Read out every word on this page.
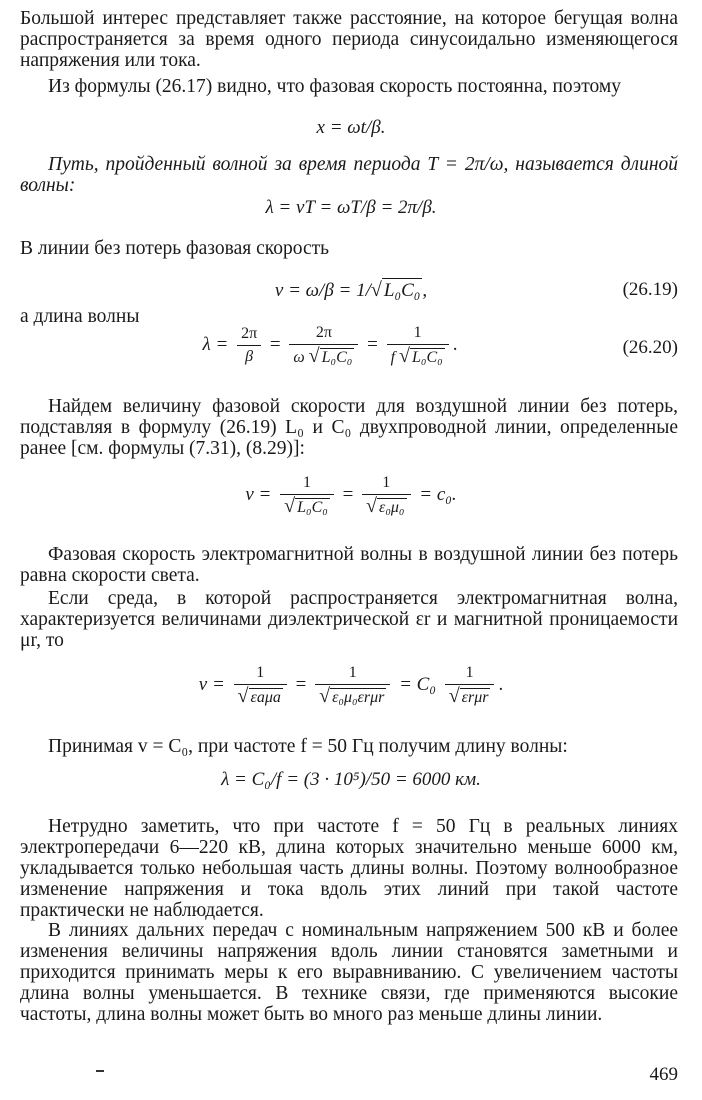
Большой интерес представляет также расстояние, на которое бегущая волна распространяется за время одного периода синусоидально изменяющегося напряжения или тока.

Из формулы (26.17) видно, что фазовая скорость постоянна, поэтому

x = ωt/β.

Путь, пройденный волной за время периода T = 2π/ω, называется длиной волны:

λ = vT = ωT/β = 2π/β.

В линии без потерь фазовая скорость

v = ω/β = 1/√ L₀C₀ ,	(26.19)

а длина волны

$\lambda = \frac{2\pi}{\beta} = \frac{2\pi}{\text{ω √ L₀C₀}} = \frac{1}{\text{f √ L₀C₀}}$ .	(26.20)

Найдем величину фазовой скорости для воздушной линии без потерь, подставляя в формулу (26.19) L₀ и C₀ двухпроводной линии, определенные ранее [см. формулы (7.31), (8.29)]:

$v = \frac{1}{\text{√ L₀C₀}} = \frac{1}{\text{√ ε₀μ₀}} = c_0$.

Фазовая скорость электромагнитной волны в воздушной линии без потерь равна скорости света.

Если среда, в которой распространяется электромагнитная волна, характеризуется величинами диэлектрической εr и магнитной проницаемости μr, то

$v = \frac{1}{\text{√ εaμa}} = \frac{1}{\text{√ ε₀μ₀εrμr}} = C_0 \frac{1}{\text{√ εrμr}}$ .

Принимая v = C₀, при частоте f = 50 Гц получим длину волны:

λ = C₀/f = (3 · 10⁵)/50 = 6000 км.

Нетрудно заметить, что при частоте f = 50 Гц в реальных линиях электропередачи 6—220 кВ, длина которых значительно меньше 6000 км, укладывается только небольшая часть длины волны. Поэтому волнообразное изменение напряжения и тока вдоль этих линий при такой частоте практически не наблюдается.

В линиях дальних передач с номинальным напряжением 500 кВ и более изменения величины напряжения вдоль линии становятся заметными и приходится принимать меры к его выравниванию. С увеличением частоты длина волны уменьшается. В технике связи, где применяются высокие частоты, длина волны может быть во много раз меньше длины линии.

469
